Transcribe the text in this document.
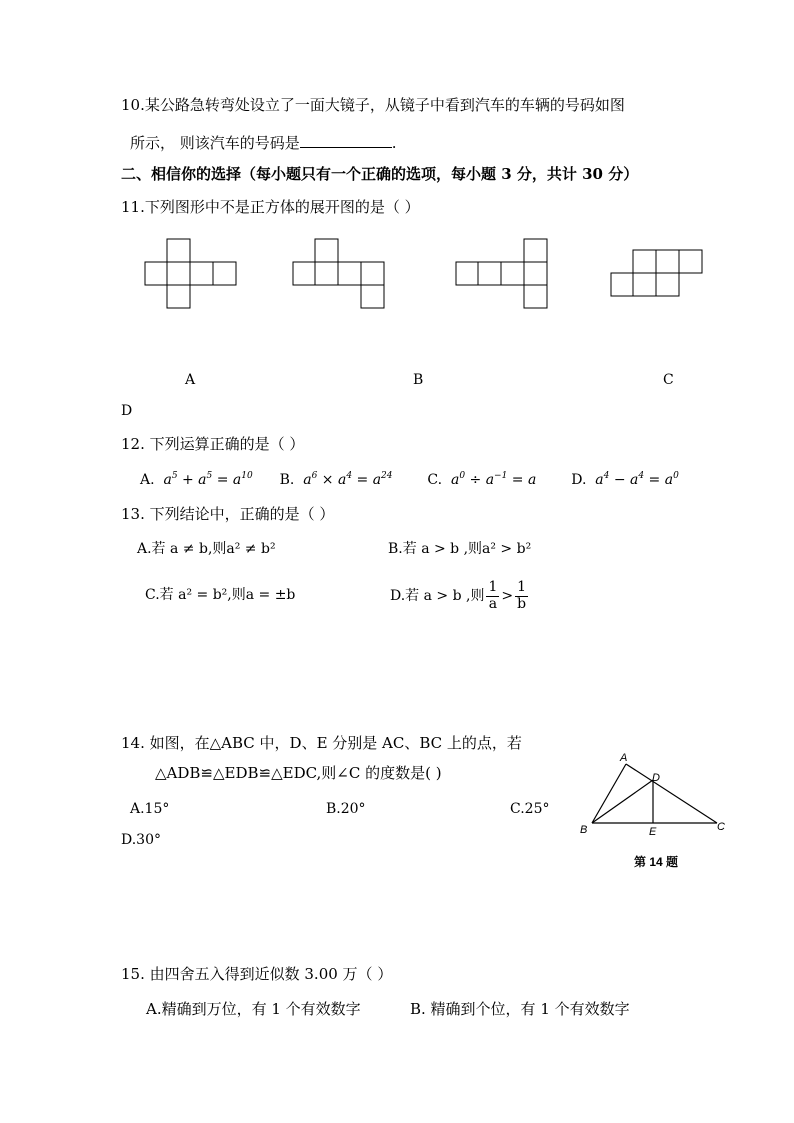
10.某公路急转弯处设立了一面大镜子，从镜子中看到汽车的车辆的号码如图
所示， 则该汽车的号码是	.
二、相信你的选择（每小题只有一个正确的选项，每小题 3 分，共计 30 分）
11.下列图形中不是正方体的展开图的是（ ）
A	B	C
D
12. 下列运算正确的是（ ）
A.  $a^5 + a^5 = a^{10}$ B.  $a^6 \times a^4 = a^{24}$ C.  $a^0 \div a^{-1} = a$ D.  $a^4 - a^4 = a^0$
13. 下列结论中，正确的是（ ）
A.若 a ≠ b,则a² ≠ b²	B.若 a > b ,则a² > b²
C.若 a² = b²,则a = ±b	D.若 a > b ,则 $\frac{1}{a} > \frac{1}{b}$
14. 如图，在△ABC 中，D、E 分别是 AC、BC 上的点，若
△ADB≌△EDB≌△EDC,则∠C 的度数是( )
A.15°	B.20°	C.25°
D.30°
A
B	C
D
E
第 14 题
15. 由四舍五入得到近似数 3.00 万（ ）
A.精确到万位，有 1 个有效数字	B. 精确到个位，有 1 个有效数字
